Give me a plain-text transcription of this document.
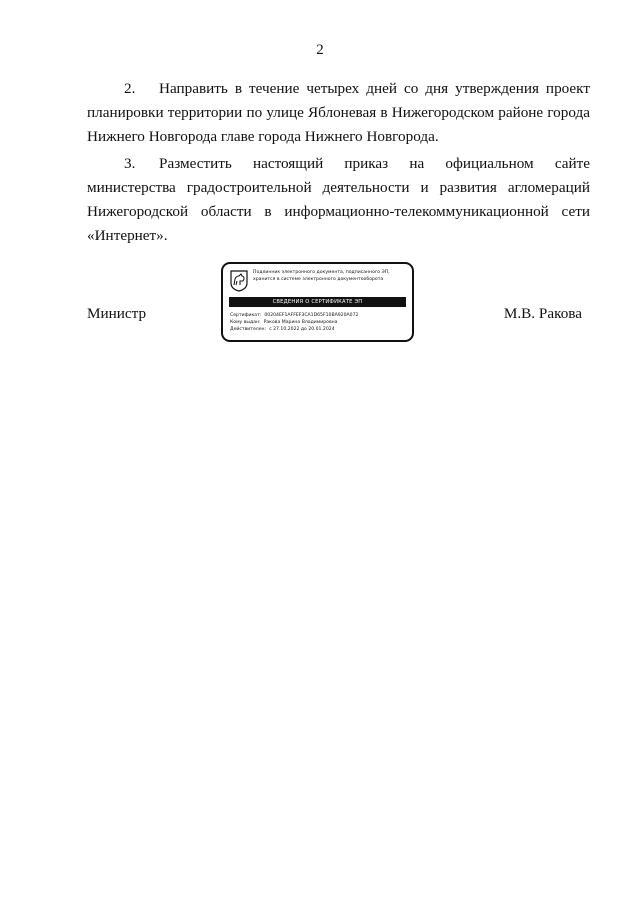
2

2. Направить в течение четырех дней со дня утверждения проект планировки территории по улице Яблоневая в Нижегородском районе города Нижнего Новгорода главе города Нижнего Новгорода.

3. Разместить настоящий приказ на официальном сайте министерства градостроительной деятельности и развития агломераций Нижегородской области в информационно-телекоммуникационной сети «Интернет».

Министр
Подлинник электронного документа, подписанного ЭП,
хранится в системе электронного документооборота
СВЕДЕНИЯ О СЕРТИФИКАТЕ ЭП
Сертификат: 00204EF1AFFEF3CA1D65F10BA920A072
Кому выдан: Ракова Марина Владимировна
Действителен: с 27.10.2022 до 20.01.2024
М.В. Ракова
